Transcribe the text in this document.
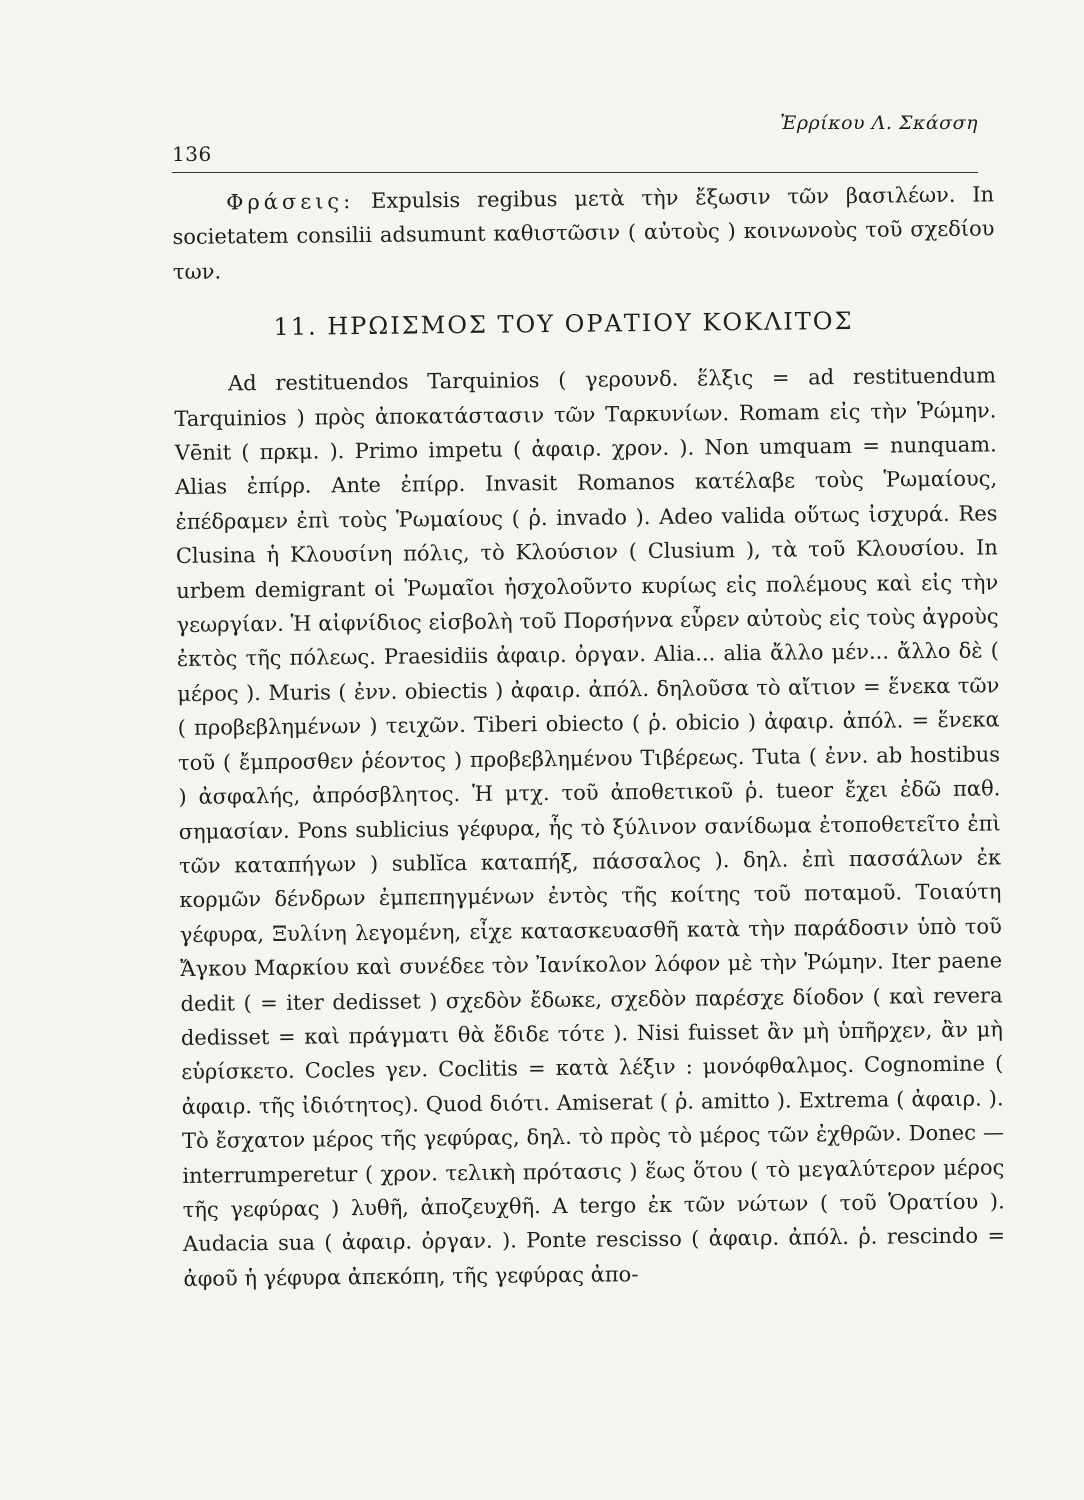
136
Ἐρρίκου Λ. Σκάσση

Φράσεις: Expulsis regibus μετὰ τὴν ἔξωσιν τῶν βασιλέων. In societatem consilii adsumunt καθιστῶσιν ( αὐτοὺς ) κοινωνοὺς τοῦ σχεδίου των.

11. ΗΡΩΙΣΜΟΣ ΤΟΥ ΟΡΑΤΙΟΥ ΚΟΚΛΙΤΟΣ

Ad restituendos Tarquinios ( γερουνδ. ἕλξις = ad restituendum Tarquinios ) πρὸς ἀποκατάστασιν τῶν Ταρκυνίων. Romam εἰς τὴν Ῥώμην. Vēnit ( πρκμ. ). Primo impetu ( ἀφαιρ. χρον. ). Non umquam = nunquam. Alias ἐπίρρ. Ante ἐπίρρ. Invasit Romanos κατέλαβε τοὺς Ῥωμαίους, ἐπέδραμεν ἐπὶ τοὺς Ῥωμαίους ( ῥ. invado ). Adeo valida οὕτως ἰσχυρά. Res Clusina ἡ Κλουσίνη πόλις, τὸ Κλούσιον ( Clusium ), τὰ τοῦ Κλουσίου. In urbem demigrant οἱ Ῥωμαῖοι ἠσχολοῦντο κυρίως εἰς πολέμους καὶ εἰς τὴν γεωργίαν. Ἡ αἰφνίδιος εἰσβολὴ τοῦ Πορσήννα εὗρεν αὐτοὺς εἰς τοὺς ἀγροὺς ἐκτὸς τῆς πόλεως. Praesidiis ἀφαιρ. ὀργαν. Alia... alia ἄλλο μέν... ἄλλο δὲ ( μέρος ). Muris ( ἐνν. obiectis ) ἀφαιρ. ἀπόλ. δηλοῦσα τὸ αἴτιον = ἕνεκα τῶν ( προβεβλημένων ) τειχῶν. Tiberi obiecto ( ῥ. obicio ) ἀφαιρ. ἀπόλ. = ἕνεκα τοῦ ( ἔμπροσθεν ῥέοντος ) προβεβλημένου Τιβέρεως. Tuta ( ἐνν. ab hostibus ) ἀσφαλής, ἀπρόσβλητος. Ἡ μτχ. τοῦ ἀποθετικοῦ ῥ. tueor ἔχει ἐδῶ παθ. σημασίαν. Pons sublicius γέφυρα, ἧς τὸ ξύλινον σανίδωμα ἐτοποθετεῖτο ἐπὶ τῶν καταπήγων ) sublĭca καταπήξ, πάσσαλος ). δηλ. ἐπὶ πασσάλων ἐκ κορμῶν δένδρων ἐμπεπηγμένων ἐντὸς τῆς κοίτης τοῦ ποταμοῦ. Τοιαύτη γέφυρα, Ξυλίνη λεγομένη, εἶχε κατασκευασθῆ κατὰ τὴν παράδοσιν ὑπὸ τοῦ Ἄγκου Μαρκίου καὶ συνέδεε τὸν Ἰανίκολον λόφον μὲ τὴν Ῥώμην. Iter paene dedit ( = iter dedisset ) σχεδὸν ἔδωκε, σχεδὸν παρέσχε δίοδον ( καὶ revera dedisset = καὶ πράγματι θὰ ἔδιδε τότε ). Nisi fuisset ἂν μὴ ὑπῆρχεν, ἂν μὴ εὑρίσκετο. Cocles γεν. Coclitis = κατὰ λέξιν : μονόφθαλμος. Cognomine ( ἀφαιρ. τῆς ἰδιότητος). Quod διότι. Amiserat ( ῥ. amitto ). Extrema ( ἀφαιρ. ). Τὸ ἔσχατον μέρος τῆς γεφύρας, δηλ. τὸ πρὸς τὸ μέρος τῶν ἐχθρῶν. Donec — interrumperetur ( χρον. τελικὴ πρότασις ) ἕως ὅτου ( τὸ μεγαλύτερον μέρος τῆς γεφύρας ) λυθῆ, ἀποζευχθῆ. A tergo ἐκ τῶν νώτων ( τοῦ Ὁρατίου ). Audacia sua ( ἀφαιρ. ὀργαν. ). Ponte rescisso ( ἀφαιρ. ἀπόλ. ῥ. rescindo = ἀφοῦ ἡ γέφυρα ἀπεκόπη, τῆς γεφύρας ἀπο-
